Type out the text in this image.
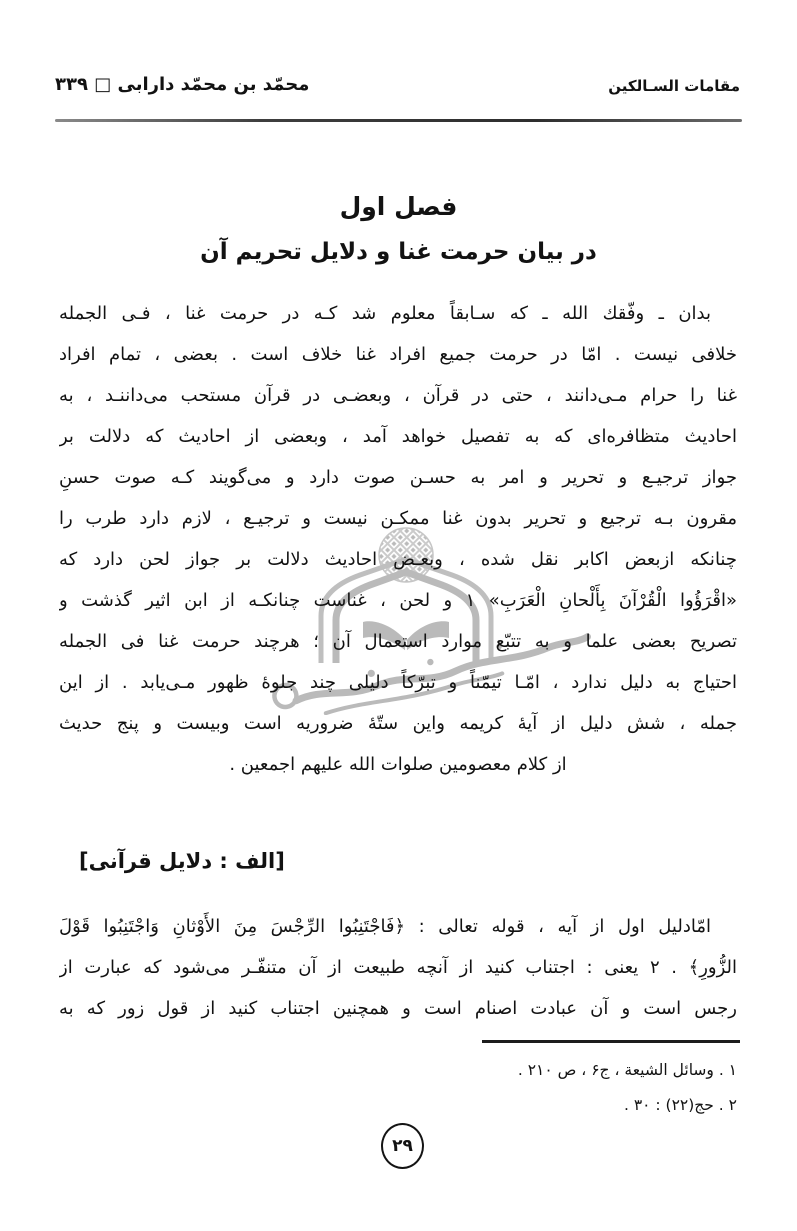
مقامات السـالكين
محمّد بن محمّد دارابی □ ۳۳۹
فصل اول
در بيان حرمت غنا و دلايل تحريم آن
بدان ـ وفّقك الله ـ كه سـابقاً معلوم شد كـه در حرمت غنا ، فـى الجمله
خلافى نيست . امّا در حرمت جميع افراد غنا خلاف است . بعضى ، تمام افراد
غنا را حرام مـى‌دانند ، حتى در قرآن ، وبعضـى در قرآن مستحب مى‌داننـد ، به
احاديث متظافره‌اى كه به تفصيل خواهد آمد ، وبعضى از احاديث كه دلالت بر
جواز ترجيـع و تحرير و امر به حسـن صوت دارد و مى‌گويند كـه صوت حسنِ
مقرون بـه ترجيع و تحرير بدون غنا ممكـن نيست و ترجيـع ، لازم دارد طرب را
چنانكه ازبعض اكابر نقل شده ، وبعـض احاديث دلالت بر جواز لحن دارد كه
«اقْرَؤُوا الْقُرْآنَ بِأَلْحانِ الْعَرَبِ» ۱ و لحن ، غناست چنانكـه از ابن اثير گذشت و
تصريح بعضى علما و به تتبّع موارد استعمال آن ؛ هرچند حرمت غنا فى الجمله
احتياج به دليل ندارد ، امّـا تيمّناً و تبرّكاً دليلى چند جلوهٔ ظهور مـى‌يابد . از اين
جمله ، شش دليل از آيهٔ كريمه واين ستّهٔ ضروريه است وبيست و پنج حديث
از كلام معصومين صلوات الله عليهم اجمعين .
[الف : دلايل قرآنی]
امّادليل اول از آيه ، قوله تعالى : ﴿فَاجْتَنِبُوا الرِّجْسَ مِنَ الأَوْثانِ وَاجْتَنِبُوا قَوْلَ
الزُّورِ﴾ . ۲ يعنى : اجتناب كنيد از آنچه طبيعت از آن متنفّـر مى‌شود كه عبارت از
رجس است و آن عبادت اصنام است و همچنين اجتناب كنيد از قول زور كه به
۱ . وسائل الشيعة ، ج۶ ، ص ۲۱۰ .
۲ . حج(۲۲) : ۳۰ .
۲۹
